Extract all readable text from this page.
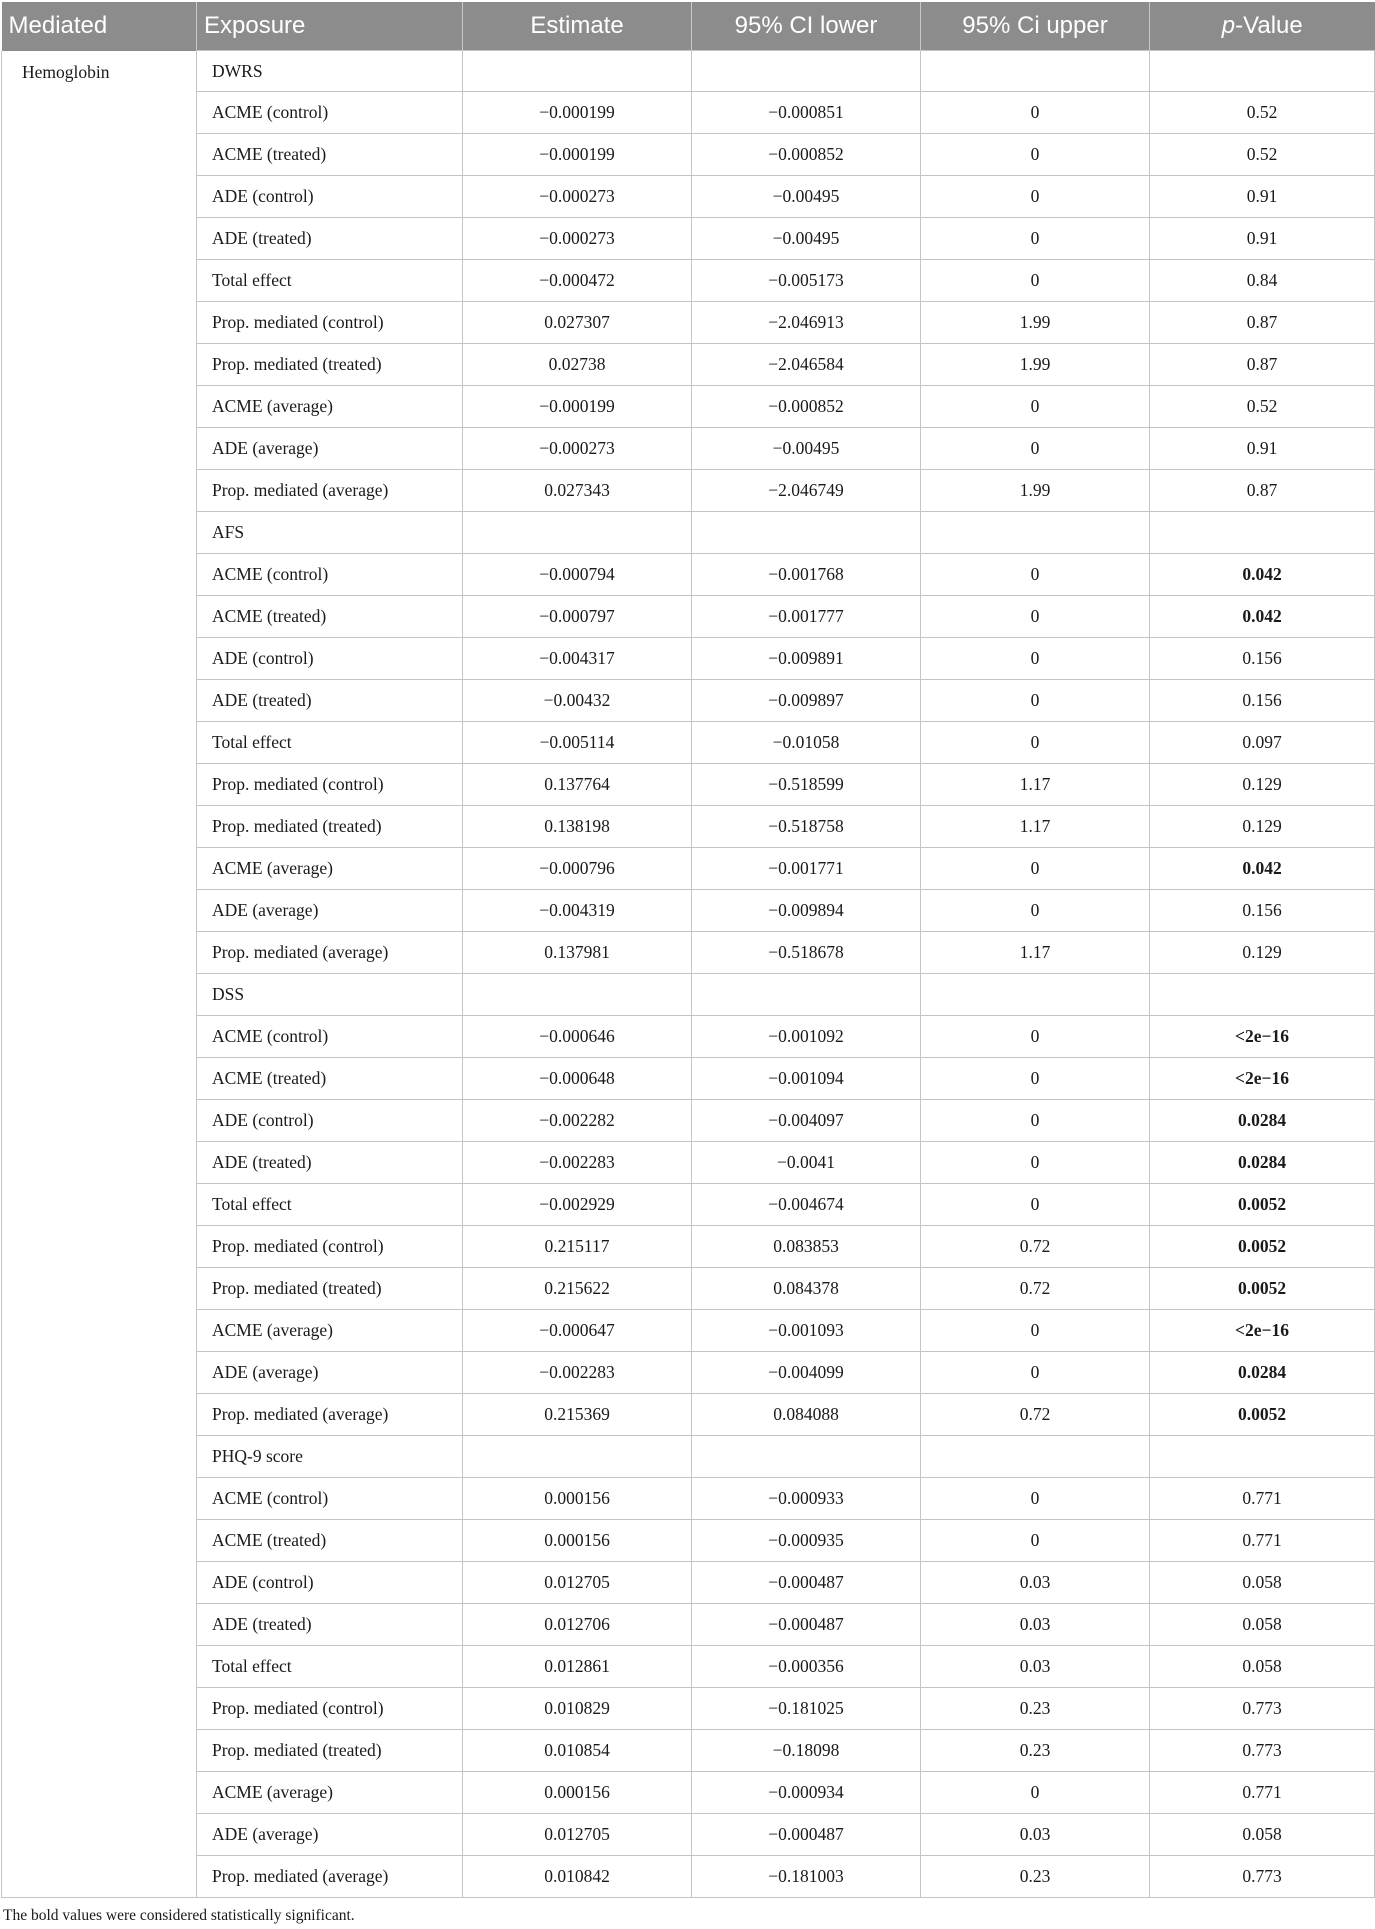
Mediated	Exposure	Estimate	95% CI lower	95% Ci upper	p-Value
Hemoglobin	DWRS				
	ACME (control)	−0.000199	−0.000851	0	0.52
	ACME (treated)	−0.000199	−0.000852	0	0.52
	ADE (control)	−0.000273	−0.00495	0	0.91
	ADE (treated)	−0.000273	−0.00495	0	0.91
	Total effect	−0.000472	−0.005173	0	0.84
	Prop. mediated (control)	0.027307	−2.046913	1.99	0.87
	Prop. mediated (treated)	0.02738	−2.046584	1.99	0.87
	ACME (average)	−0.000199	−0.000852	0	0.52
	ADE (average)	−0.000273	−0.00495	0	0.91
	Prop. mediated (average)	0.027343	−2.046749	1.99	0.87
	AFS				
	ACME (control)	−0.000794	−0.001768	0	0.042
	ACME (treated)	−0.000797	−0.001777	0	0.042
	ADE (control)	−0.004317	−0.009891	0	0.156
	ADE (treated)	−0.00432	−0.009897	0	0.156
	Total effect	−0.005114	−0.01058	0	0.097
	Prop. mediated (control)	0.137764	−0.518599	1.17	0.129
	Prop. mediated (treated)	0.138198	−0.518758	1.17	0.129
	ACME (average)	−0.000796	−0.001771	0	0.042
	ADE (average)	−0.004319	−0.009894	0	0.156
	Prop. mediated (average)	0.137981	−0.518678	1.17	0.129
	DSS				
	ACME (control)	−0.000646	−0.001092	0	<2e−16
	ACME (treated)	−0.000648	−0.001094	0	<2e−16
	ADE (control)	−0.002282	−0.004097	0	0.0284
	ADE (treated)	−0.002283	−0.0041	0	0.0284
	Total effect	−0.002929	−0.004674	0	0.0052
	Prop. mediated (control)	0.215117	0.083853	0.72	0.0052
	Prop. mediated (treated)	0.215622	0.084378	0.72	0.0052
	ACME (average)	−0.000647	−0.001093	0	<2e−16
	ADE (average)	−0.002283	−0.004099	0	0.0284
	Prop. mediated (average)	0.215369	0.084088	0.72	0.0052
	PHQ-9 score				
	ACME (control)	0.000156	−0.000933	0	0.771
	ACME (treated)	0.000156	−0.000935	0	0.771
	ADE (control)	0.012705	−0.000487	0.03	0.058
	ADE (treated)	0.012706	−0.000487	0.03	0.058
	Total effect	0.012861	−0.000356	0.03	0.058
	Prop. mediated (control)	0.010829	−0.181025	0.23	0.773
	Prop. mediated (treated)	0.010854	−0.18098	0.23	0.773
	ACME (average)	0.000156	−0.000934	0	0.771
	ADE (average)	0.012705	−0.000487	0.03	0.058
	Prop. mediated (average)	0.010842	−0.181003	0.23	0.773
The bold values were considered statistically significant.
